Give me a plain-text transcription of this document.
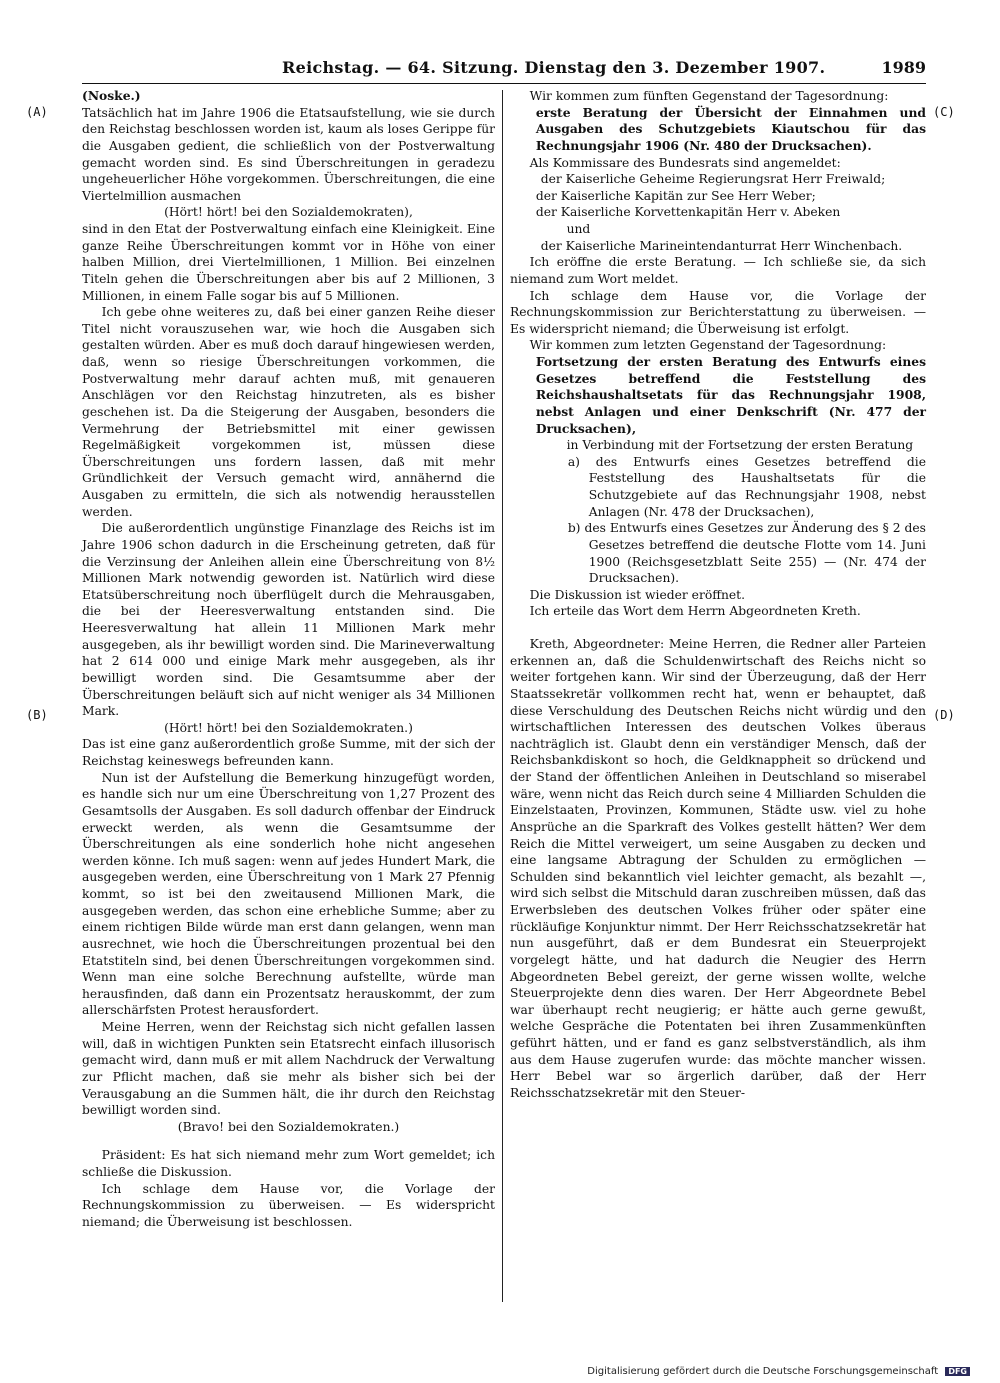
Reichstag. — 64. Sitzung. Dienstag den 3. Dezember 1907.	1989
(A)
(B)
(C)
(D)

(Noske.)

Tatsächlich hat im Jahre 1906 die Etatsaufstellung, wie sie durch den Reichstag beschlossen worden ist, kaum als loses Gerippe für die Ausgaben gedient, die schließlich von der Postverwaltung gemacht worden sind. Es sind Überschreitungen in geradezu ungeheuerlicher Höhe vorgekommen. Überschreitungen, die eine Viertelmillion ausmachen

(Hört! hört! bei den Sozialdemokraten),

sind in den Etat der Postverwaltung einfach eine Kleinigkeit. Eine ganze Reihe Überschreitungen kommt vor in Höhe von einer halben Million, drei Viertelmillionen, 1 Million. Bei einzelnen Titeln gehen die Überschreitungen aber bis auf 2 Millionen, 3 Millionen, in einem Falle sogar bis auf 5 Millionen.

Ich gebe ohne weiteres zu, daß bei einer ganzen Reihe dieser Titel nicht vorauszusehen war, wie hoch die Ausgaben sich gestalten würden. Aber es muß doch darauf hingewiesen werden, daß, wenn so riesige Überschreitungen vorkommen, die Postverwaltung mehr darauf achten muß, mit genaueren Anschlägen vor den Reichstag hinzutreten, als es bisher geschehen ist. Da die Steigerung der Ausgaben, besonders die Vermehrung der Betriebsmittel mit einer gewissen Regelmäßigkeit vorgekommen ist, müssen diese Überschreitungen uns fordern lassen, daß mit mehr Gründlichkeit der Versuch gemacht wird, annähernd die Ausgaben zu ermitteln, die sich als notwendig herausstellen werden.

Die außerordentlich ungünstige Finanzlage des Reichs ist im Jahre 1906 schon dadurch in die Erscheinung getreten, daß für die Verzinsung der Anleihen allein eine Überschreitung von 8½ Millionen Mark notwendig geworden ist. Natürlich wird diese Etatsüberschreitung noch überflügelt durch die Mehrausgaben, die bei der Heeresverwaltung entstanden sind. Die Heeresverwaltung hat allein 11 Millionen Mark mehr ausgegeben, als ihr bewilligt worden sind. Die Marineverwaltung hat 2 614 000 und einige Mark mehr ausgegeben, als ihr bewilligt worden sind. Die Gesamtsumme aber der Überschreitungen beläuft sich auf nicht weniger als 34 Millionen Mark.

(Hört! hört! bei den Sozialdemokraten.)

Das ist eine ganz außerordentlich große Summe, mit der sich der Reichstag keineswegs befreunden kann.

Nun ist der Aufstellung die Bemerkung hinzugefügt worden, es handle sich nur um eine Überschreitung von 1,27 Prozent des Gesamtsolls der Ausgaben. Es soll dadurch offenbar der Eindruck erweckt werden, als wenn die Gesamtsumme der Überschreitungen als eine sonderlich hohe nicht angesehen werden könne. Ich muß sagen: wenn auf jedes Hundert Mark, die ausgegeben werden, eine Überschreitung von 1 Mark 27 Pfennig kommt, so ist bei den zweitausend Millionen Mark, die ausgegeben werden, das schon eine erhebliche Summe; aber zu einem richtigen Bilde würde man erst dann gelangen, wenn man ausrechnet, wie hoch die Überschreitungen prozentual bei den Etatstiteln sind, bei denen Überschreitungen vorgekommen sind. Wenn man eine solche Berechnung aufstellte, würde man herausfinden, daß dann ein Prozentsatz herauskommt, der zum allerschärfsten Protest herausfordert.

Meine Herren, wenn der Reichstag sich nicht gefallen lassen will, daß in wichtigen Punkten sein Etatsrecht einfach illusorisch gemacht wird, dann muß er mit allem Nachdruck der Verwaltung zur Pflicht machen, daß sie mehr als bisher sich bei der Verausgabung an die Summen hält, die ihr durch den Reichstag bewilligt worden sind.

(Bravo! bei den Sozialdemokraten.)

Präsident: Es hat sich niemand mehr zum Wort gemeldet; ich schließe die Diskussion.

Ich schlage dem Hause vor, die Vorlage der Rechnungskommission zu überweisen. — Es widerspricht niemand; die Überweisung ist beschlossen.

Wir kommen zum fünften Gegenstand der Tagesordnung:

erste Beratung der Übersicht der Einnahmen und Ausgaben des Schutzgebiets Kiautschou für das Rechnungsjahr 1906 (Nr. 480 der Drucksachen).

Als Kommissare des Bundesrats sind angemeldet:

der Kaiserliche Geheime Regierungsrat Herr Freiwald;

der Kaiserliche Kapitän zur See Herr Weber;

der Kaiserliche Korvettenkapitän Herr v. Abeken

und

der Kaiserliche Marineintendanturrat Herr Winchenbach.

Ich eröffne die erste Beratung. — Ich schließe sie, da sich niemand zum Wort meldet.

Ich schlage dem Hause vor, die Vorlage der Rechnungskommission zur Berichterstattung zu überweisen. — Es widerspricht niemand; die Überweisung ist erfolgt.

Wir kommen zum letzten Gegenstand der Tagesordnung:

Fortsetzung der ersten Beratung des Entwurfs eines Gesetzes betreffend die Feststellung des Reichshaushaltsetats für das Rechnungsjahr 1908, nebst Anlagen und einer Denkschrift (Nr. 477 der Drucksachen),

in Verbindung mit der Fortsetzung der ersten Beratung

a) des Entwurfs eines Gesetzes betreffend die Feststellung des Haushaltsetats für die Schutzgebiete auf das Rechnungsjahr 1908, nebst Anlagen (Nr. 478 der Drucksachen),

b) des Entwurfs eines Gesetzes zur Änderung des § 2 des Gesetzes betreffend die deutsche Flotte vom 14. Juni 1900 (Reichsgesetzblatt Seite 255) — (Nr. 474 der Drucksachen).

Die Diskussion ist wieder eröffnet.

Ich erteile das Wort dem Herrn Abgeordneten Kreth.

Kreth, Abgeordneter: Meine Herren, die Redner aller Parteien erkennen an, daß die Schuldenwirtschaft des Reichs nicht so weiter fortgehen kann. Wir sind der Überzeugung, daß der Herr Staatssekretär vollkommen recht hat, wenn er behauptet, daß diese Verschuldung des Deutschen Reichs nicht würdig und den wirtschaftlichen Interessen des deutschen Volkes überaus nachträglich ist. Glaubt denn ein verständiger Mensch, daß der Reichsbankdiskont so hoch, die Geldknappheit so drückend und der Stand der öffentlichen Anleihen in Deutschland so miserabel wäre, wenn nicht das Reich durch seine 4 Milliarden Schulden die Einzelstaaten, Provinzen, Kommunen, Städte usw. viel zu hohe Ansprüche an die Sparkraft des Volkes gestellt hätten? Wer dem Reich die Mittel verweigert, um seine Ausgaben zu decken und eine langsame Abtragung der Schulden zu ermöglichen — Schulden sind bekanntlich viel leichter gemacht, als bezahlt —, wird sich selbst die Mitschuld daran zuschreiben müssen, daß das Erwerbsleben des deutschen Volkes früher oder später eine rückläufige Konjunktur nimmt. Der Herr Reichsschatzsekretär hat nun ausgeführt, daß er dem Bundesrat ein Steuerprojekt vorgelegt hätte, und hat dadurch die Neugier des Herrn Abgeordneten Bebel gereizt, der gerne wissen wollte, welche Steuerprojekte denn dies waren. Der Herr Abgeordnete Bebel war überhaupt recht neugierig; er hätte auch gerne gewußt, welche Gespräche die Potentaten bei ihren Zusammenkünften geführt hätten, und er fand es ganz selbstverständlich, als ihm aus dem Hause zugerufen wurde: das möchte mancher wissen. Herr Bebel war so ärgerlich darüber, daß der Herr Reichsschatzsekretär mit den Steuer-

Digitalisierung gefördert durch die Deutsche Forschungsgemeinschaft DFG
